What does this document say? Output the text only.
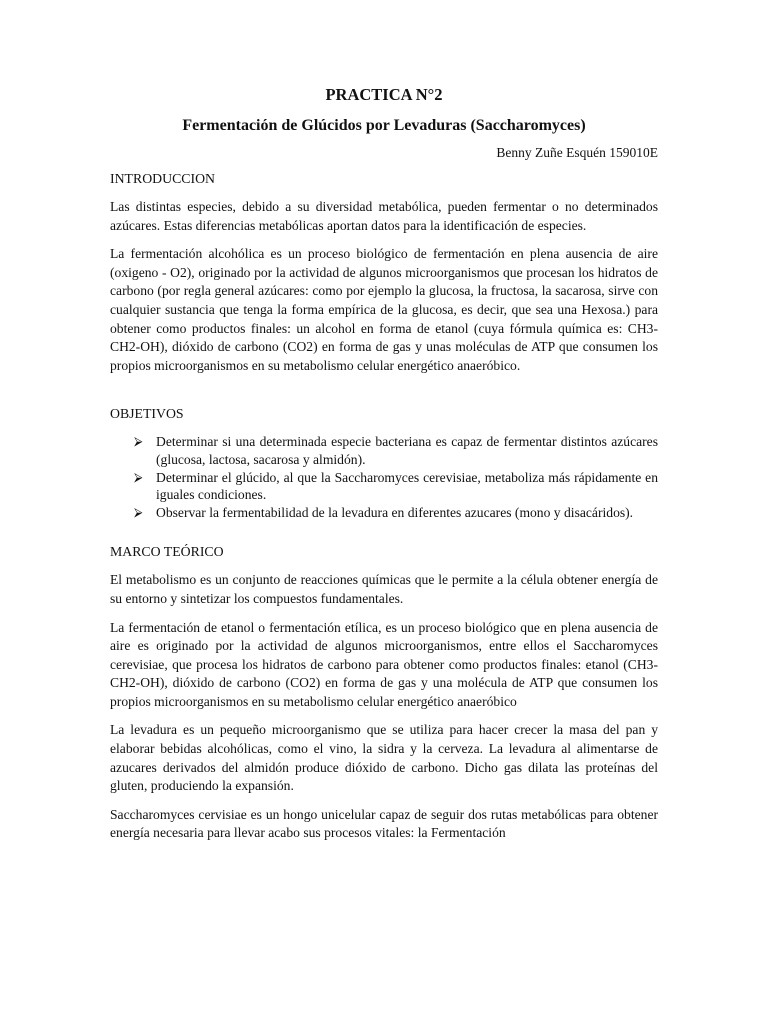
PRACTICA N°2
Fermentación de Glúcidos por Levaduras (Saccharomyces)
Benny Zuñe Esquén 159010E
INTRODUCCION

Las distintas especies, debido a su diversidad metabólica, pueden fermentar o no determinados azúcares. Estas diferencias metabólicas aportan datos para la identificación de especies.

La fermentación alcohólica es un proceso biológico de fermentación en plena ausencia de aire (oxigeno - O2), originado por la actividad de algunos microorganismos que procesan los hidratos de carbono (por regla general azúcares: como por ejemplo la glucosa, la fructosa, la sacarosa, sirve con cualquier sustancia que tenga la forma empírica de la glucosa, es decir, que sea una Hexosa.) para obtener como productos finales: un alcohol en forma de etanol (cuya fórmula química es: CH3-CH2-OH), dióxido de carbono (CO2) en forma de gas y unas moléculas de ATP que consumen los propios microorganismos en su metabolismo celular energético anaeróbico.

OBJETIVOS
⮚ Determinar si una determinada especie bacteriana es capaz de fermentar distintos azúcares (glucosa, lactosa, sacarosa y almidón).
⮚ Determinar el glúcido, al que la Saccharomyces cerevisiae, metaboliza más rápidamente en iguales condiciones.
⮚ Observar la fermentabilidad de la levadura en diferentes azucares (mono y disacáridos).
MARCO TEÓRICO

El metabolismo es un conjunto de reacciones químicas que le permite a la célula obtener energía de su entorno y sintetizar los compuestos fundamentales.

La fermentación de etanol o fermentación etílica, es un proceso biológico que en plena ausencia de aire es originado por la actividad de algunos microorganismos, entre ellos el Saccharomyces cerevisiae, que procesa los hidratos de carbono para obtener como productos finales: etanol (CH3-CH2-OH), dióxido de carbono (CO2) en forma de gas y una molécula de ATP que consumen los propios microorganismos en su metabolismo celular energético anaeróbico

La levadura es un pequeño microorganismo que se utiliza para hacer crecer la masa del pan y elaborar bebidas alcohólicas, como el vino, la sidra y la cerveza. La levadura al alimentarse de azucares derivados del almidón produce dióxido de carbono. Dicho gas dilata las proteínas del gluten, produciendo la expansión.

Saccharomyces cervisiae es un hongo unicelular capaz de seguir dos rutas metabólicas para obtener energía necesaria para llevar acabo sus procesos vitales: la Fermentación
